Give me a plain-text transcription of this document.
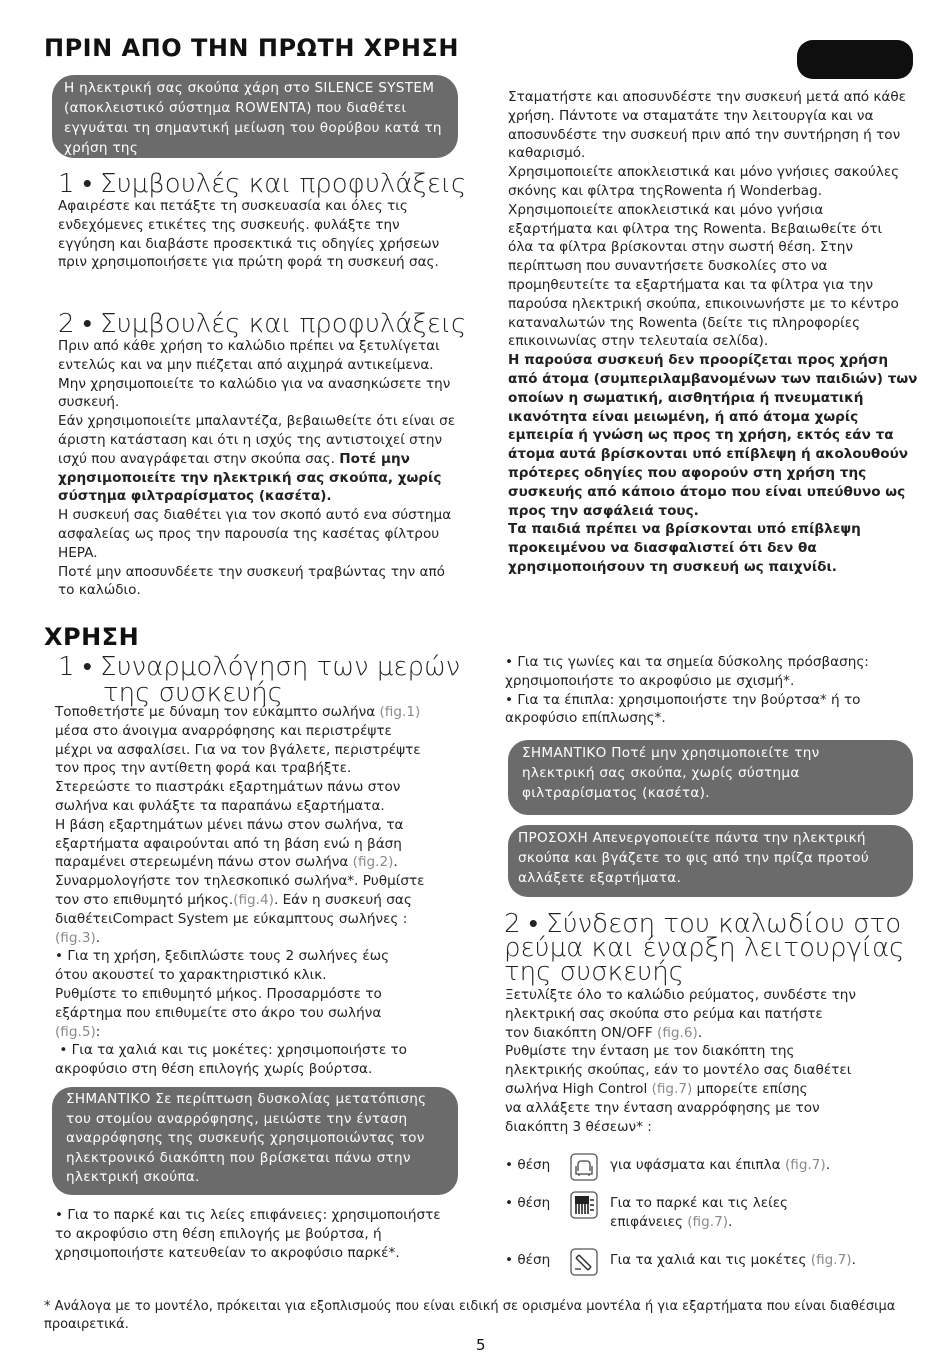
ΠΡΙΝ ΑΠΟ ΤΗΝ ΠΡΩΤΗ ΧΡΗΣΗ
Η ηλεκτρική σας σκούπα χάρη στο SILENCE SYSTEM (αποκλειστικό σύστημα ROWENTA) που διαθέτει εγγυάται τη σημαντική μείωση του θορύβου κατά τη χρήση της
1 • Συμβουλές και προφυλάξεις
Αφαιρέστε και πετάξτε τη συσκευασία και όλες τις ενδεχόμενες ετικέτες της συσκευής. φυλάξτε την εγγύηση και διαβάστε προσεκτικά τις οδηγίες χρήσεων πριν χρησιμοποιήσετε για πρώτη φορά τη συσκευή σας.
2 • Συμβουλές και προφυλάξεις

Πριν από κάθε χρήση το καλώδιο πρέπει να ξετυλίγεται εντελώς και να μην πιέζεται από αιχμηρά αντικείμενα. Μην χρησιμοποιείτε το καλώδιο για να ανασηκώσετε την συσκευή.

Εάν χρησιμοποιείτε μπαλαντέζα, βεβαιωθείτε ότι είναι σε άριστη κατάσταση και ότι η ισχύς της αντιστοιχεί στην ισχύ που αναγράφεται στην σκούπα σας. Ποτέ μην χρησιμοποιείτε την ηλεκτρική σας σκούπα, χωρίς σύστημα φιλτραρίσματος (κασέτα).

Η συσκευή σας διαθέτει για τον σκοπό αυτό ενα σύστημα ασφαλείας ως προς την παρουσία της κασέτας φίλτρου HEPA.

Ποτέ μην αποσυνδέετε την συσκευή τραβώντας την από το καλώδιο.

Σταματήστε και αποσυνδέστε την συσκευή μετά από κάθε χρήση. Πάντοτε να σταματάτε την λειτουργία και να αποσυνδέστε την συσκευή πριν από την συντήρηση ή τον καθαρισμό.

Χρησιμοποιείτε αποκλειστικά και μόνο γνήσιες σακούλες σκόνης και φίλτρα τηςRowenta ή Wonderbag. Χρησιμοποιείτε αποκλειστικά και μόνο γνήσια εξαρτήματα και φίλτρα της Rowenta. Βεβαιωθείτε ότι όλα τα φίλτρα βρίσκονται στην σωστή θέση. Στην περίπτωση που συναντήσετε δυσκολίες στο να προμηθευτείτε τα εξαρτήματα και τα φίλτρα για την παρούσα ηλεκτρική σκούπα, επικοινωνήστε με το κέντρο καταναλωτών της Rowenta (δείτε τις πληροφορίες επικοινωνίας στην τελευταία σελίδα).

Η παρούσα συσκευή δεν προορίζεται προς χρήση από άτομα (συμπεριλαμβανομένων των παιδιών) των οποίων η σωματική, αισθητήρια ή πνευματική ικανότητα είναι μειωμένη, ή από άτομα χωρίς εμπειρία ή γνώση ως προς τη χρήση, εκτός εάν τα άτομα αυτά βρίσκονται υπό επίβλεψη ή ακολουθούν πρότερες οδηγίες που αφορούν στη χρήση της συσκευής από κάποιο άτομο που είναι υπεύθυνο ως προς την ασφάλειά τους.

Τα παιδιά πρέπει να βρίσκονται υπό επίβλεψη προκειμένου να διασφαλιστεί ότι δεν θα χρησιμοποιήσουν τη συσκευή ως παιχνίδι.

ΧΡΗΣΗ
1 • Συναρμολόγηση των μερών
της συσκευής
Τοποθετήστε με δύναμη τον εύκαμπτο σωλήνα (fig.1)
μέσα στο άνοιγμα αναρρόφησης και περιστρέψτε
μέχρι να ασφαλίσει. Για να τον βγάλετε, περιστρέψτε
τον προς την αντίθετη φορά και τραβήξτε.
Στερεώστε το πιαστράκι εξαρτημάτων πάνω στον
σωλήνα και φυλάξτε τα παραπάνω εξαρτήματα.
Η βάση εξαρτημάτων μένει πάνω στον σωλήνα, τα
εξαρτήματα αφαιρούνται από τη βάση ενώ η βάση
παραμένει στερεωμένη πάνω στον σωλήνα (fig.2).
Συναρμολογήστε τον τηλεσκοπικό σωλήνα*. Ρυθμίστε
τον στο επιθυμητό μήκος.(fig.4). Εάν η συσκευή σας
διαθέτειCompact System με εύκαμπτους σωλήνες :
(fig.3).
• Για τη χρήση, ξεδιπλώστε τους 2 σωλήνες έως
ότου ακουστεί το χαρακτηριστικό κλικ.
Ρυθμίστε το επιθυμητό μήκος. Προσαρμόστε το
εξάρτημα που επιθυμείτε στο άκρο του σωλήνα
(fig.5):
• Για τα χαλιά και τις μοκέτες: χρησιμοποιήστε το
ακροφύσιο στη θέση επιλογής χωρίς βούρτσα.
ΣΗΜΑΝΤΙΚΟ Σε περίπτωση δυσκολίας μετατόπισης του στομίου αναρρόφησης, μειώστε την ένταση αναρρόφησης της συσκευής χρησιμοποιώντας τον ηλεκτρονικό διακόπτη που βρίσκεται πάνω στην ηλεκτρική σκούπα.
• Για το παρκέ και τις λείες επιφάνειες: χρησιμοποιήστε το ακροφύσιο στη θέση επιλογής με βούρτσα, ή χρησιμοποιήστε κατευθείαν το ακροφύσιο παρκέ*.

• Για τις γωνίες και τα σημεία δύσκολης πρόσβασης: χρησιμοποιήστε το ακροφύσιο με σχισμή*.

• Για τα έπιπλα: χρησιμοποιήστε την βούρτσα* ή το ακροφύσιο επίπλωσης*.

ΣΗΜΑΝΤΙΚΟ Ποτέ μην χρησιμοποιείτε την ηλεκτρική σας σκούπα, χωρίς σύστημα φιλτραρίσματος (κασέτα).
ΠΡΟΣΟΧΗ Απενεργοποιείτε πάντα την ηλεκτρική σκούπα και βγάζετε το φις από την πρίζα προτού αλλάξετε εξαρτήματα.
2 • Σύνδεση του καλωδίου στο
ρεύμα και έναρξη λειτουργίας
της συσκευής
Ξετυλίξτε όλο το καλώδιο ρεύματος, συνδέστε την
ηλεκτρική σας σκούπα στο ρεύμα και πατήστε
τον διακόπτη ON/OFF (fig.6).
Ρυθμίστε την ένταση με τον διακόπτη της
ηλεκτρικής σκούπας, εάν το μοντέλο σας διαθέτει
σωλήνα High Control (fig.7) μπορείτε επίσης
να αλλάξετε την ένταση αναρρόφησης με τον
διακόπτη 3 θέσεων* :
• θέση	για υφάσματα και έπιπλα (fig.7).
• θέση	Για το παρκέ και τις λείες επιφάνειες (fig.7).
• θέση	Για τα χαλιά και τις μοκέτες (fig.7).
* Ανάλογα με το μοντέλο, πρόκειται για εξοπλισμούς που είναι ειδική σε ορισμένα μοντέλα ή για εξαρτήματα που είναι διαθέσιμα προαιρετικά.
5
